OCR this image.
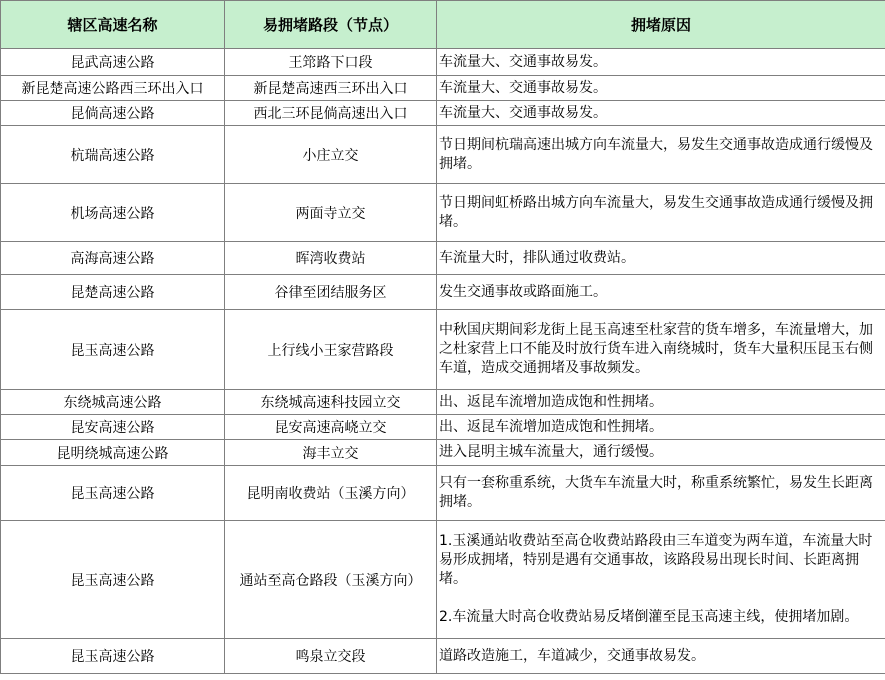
辖区高速名称	易拥堵路段（节点）	拥堵原因
昆武高速公路	王筇路下口段	车流量大、交通事故易发。

新昆楚高速公路西三环出入口	新昆楚高速西三环出入口	车流量大、交通事故易发。

昆倘高速公路	西北三环昆倘高速出入口	车流量大、交通事故易发。

杭瑞高速公路	小庄立交	节日期间杭瑞高速出城方向车流量大，易发生交通事故造成通行缓慢及拥堵。

机场高速公路	两面寺立交	节日期间虹桥路出城方向车流量大，易发生交通事故造成通行缓慢及拥堵。

高海高速公路	晖湾收费站	车流量大时，排队通过收费站。

昆楚高速公路	谷律至团结服务区	发生交通事故或路面施工。

昆玉高速公路	上行线小王家营路段	中秋国庆期间彩龙街上昆玉高速至杜家营的货车增多，车流量增大，加之杜家营上口不能及时放行货车进入南绕城时，货车大量积压昆玉右侧车道，造成交通拥堵及事故频发。

东绕城高速公路	东绕城高速科技园立交	出、返昆车流增加造成饱和性拥堵。

昆安高速公路	昆安高速高峣立交	出、返昆车流增加造成饱和性拥堵。

昆明绕城高速公路	海丰立交	进入昆明主城车流量大，通行缓慢。

昆玉高速公路	昆明南收费站（玉溪方向）	只有一套称重系统，大货车车流量大时，称重系统繁忙，易发生长距离拥堵。

昆玉高速公路	通站至高仓路段（玉溪方向）	1.玉溪通站收费站至高仓收费站路段由三车道变为两车道，车流量大时易形成拥堵，特别是遇有交通事故，该路段易出现长时间、长距离拥堵。
2.车流量大时高仓收费站易反堵倒灌至昆玉高速主线，使拥堵加剧。

昆玉高速公路	鸣泉立交段	道路改造施工，车道减少，交通事故易发。
